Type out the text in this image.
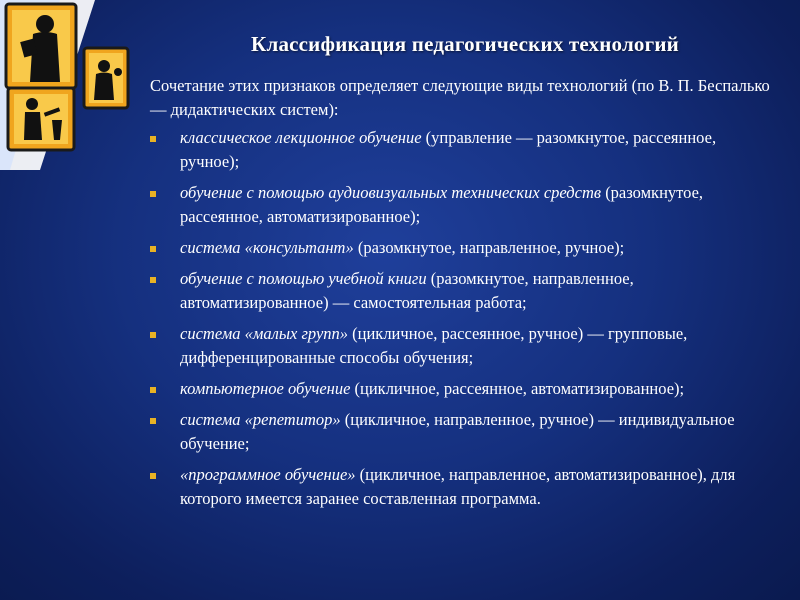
Классификация педагогических технологий
Сочетание этих признаков определяет следующие виды технологий (по В. П. Беспалько — дидактических систем):
классическое лекционное обучение (управление — разомкнутое, рассеянное, ручное);
обучение с помощью аудиовизуальных технических средств (разомкнутое, рассеянное, автоматизированное);
система «консультант» (разомкнутое, направленное, ручное);
обучение с помощью учебной книги (разомкнутое, направленное, автоматизированное) — самостоятельная работа;
система «малых групп» (цикличное, рассеянное, ручное) — групповые, дифференцированные способы обучения;
компьютерное обучение (цикличное, рассеянное, автоматизированное);
система «репетитор» (цикличное, направленное, ручное) — индивидуальное обучение;
«программное обучение» (цикличное, направленное, автоматизированное), для которого имеется заранее составленная программа.
